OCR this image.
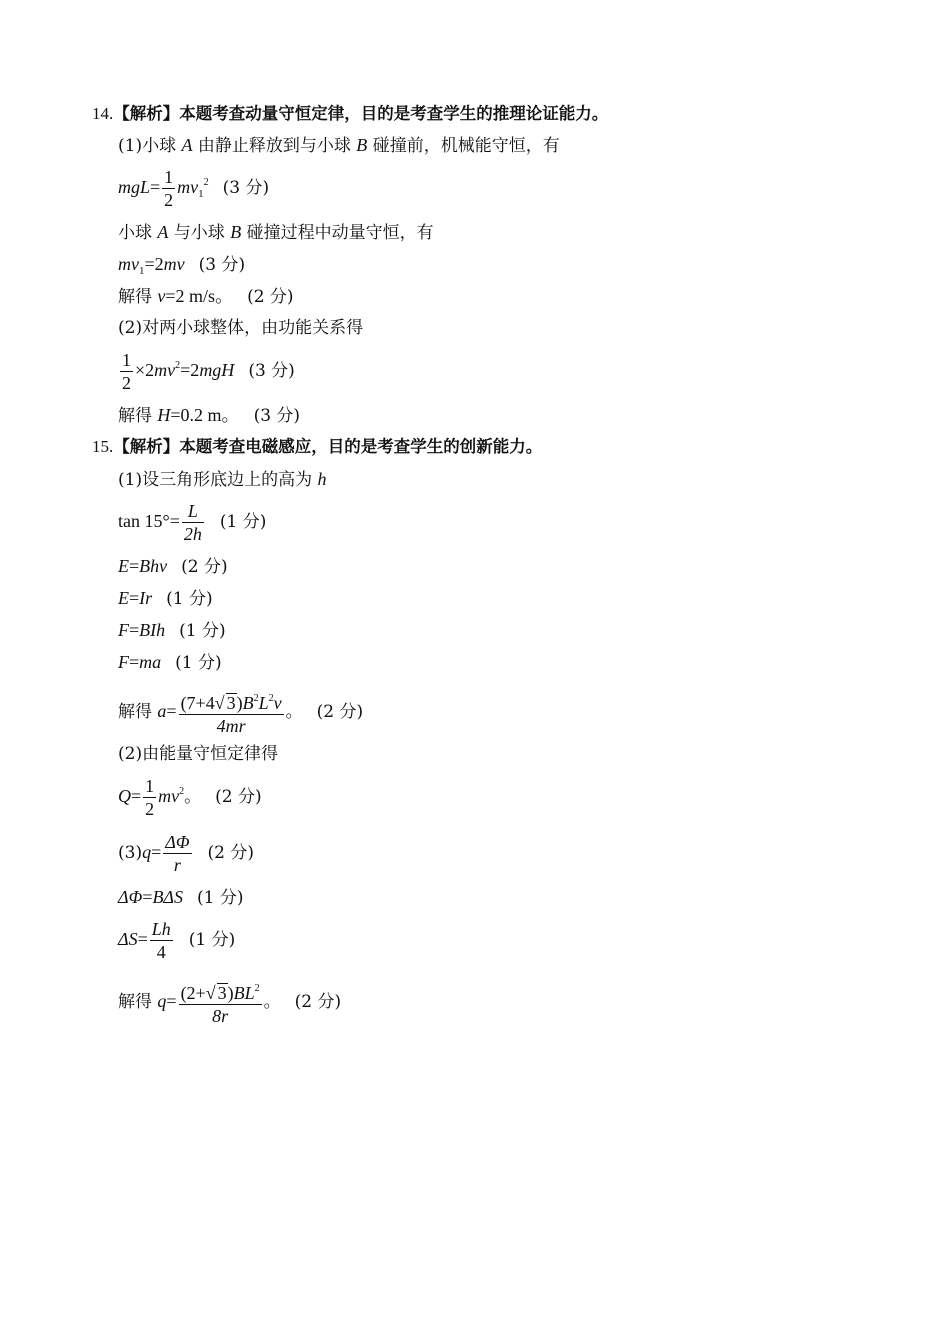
14.【解析】本题考查动量守恒定律，目的是考查学生的推理论证能力。
(1)小球 A 由静止释放到与小球 B 碰撞前，机械能守恒，有
$mgL= \frac{1}{2} mv_1^2$ (3 分)
小球 A 与小球 B 碰撞过程中动量守恒，有
$mv_1=2mv$ (3 分)
解得 v=2 m/s。 (2 分)
(2)对两小球整体，由功能关系得
$\frac{1}{2} \times 2mv^2=2mgH$ (3 分)
解得 H=0.2 m。 (3 分)
15.【解析】本题考查电磁感应，目的是考查学生的创新能力。
(1)设三角形底边上的高为 h
$\tan 15^\circ= \frac{L}{2h} (1$ 分)
E=Bhv (2 分)
E=Ir (1 分)
F=BIh (1 分)
F=ma (1 分)
解得 $a= \frac{(7+4√ 3)B^2L^2v}{4mr}$ 。 (2 分)
(2)由能量守恒定律得
$Q= \frac{1}{2} mv^2$。 (2 分)
$(3)q= \frac{\Delta\Phi}{r} (2$ 分)
ΔΦ=BΔS (1 分)
$\Delta S= \frac{Lh}{4} (1$ 分)
解得 $q= \frac{(2+√ 3)BL^2}{8r}$ 。 (2 分)
